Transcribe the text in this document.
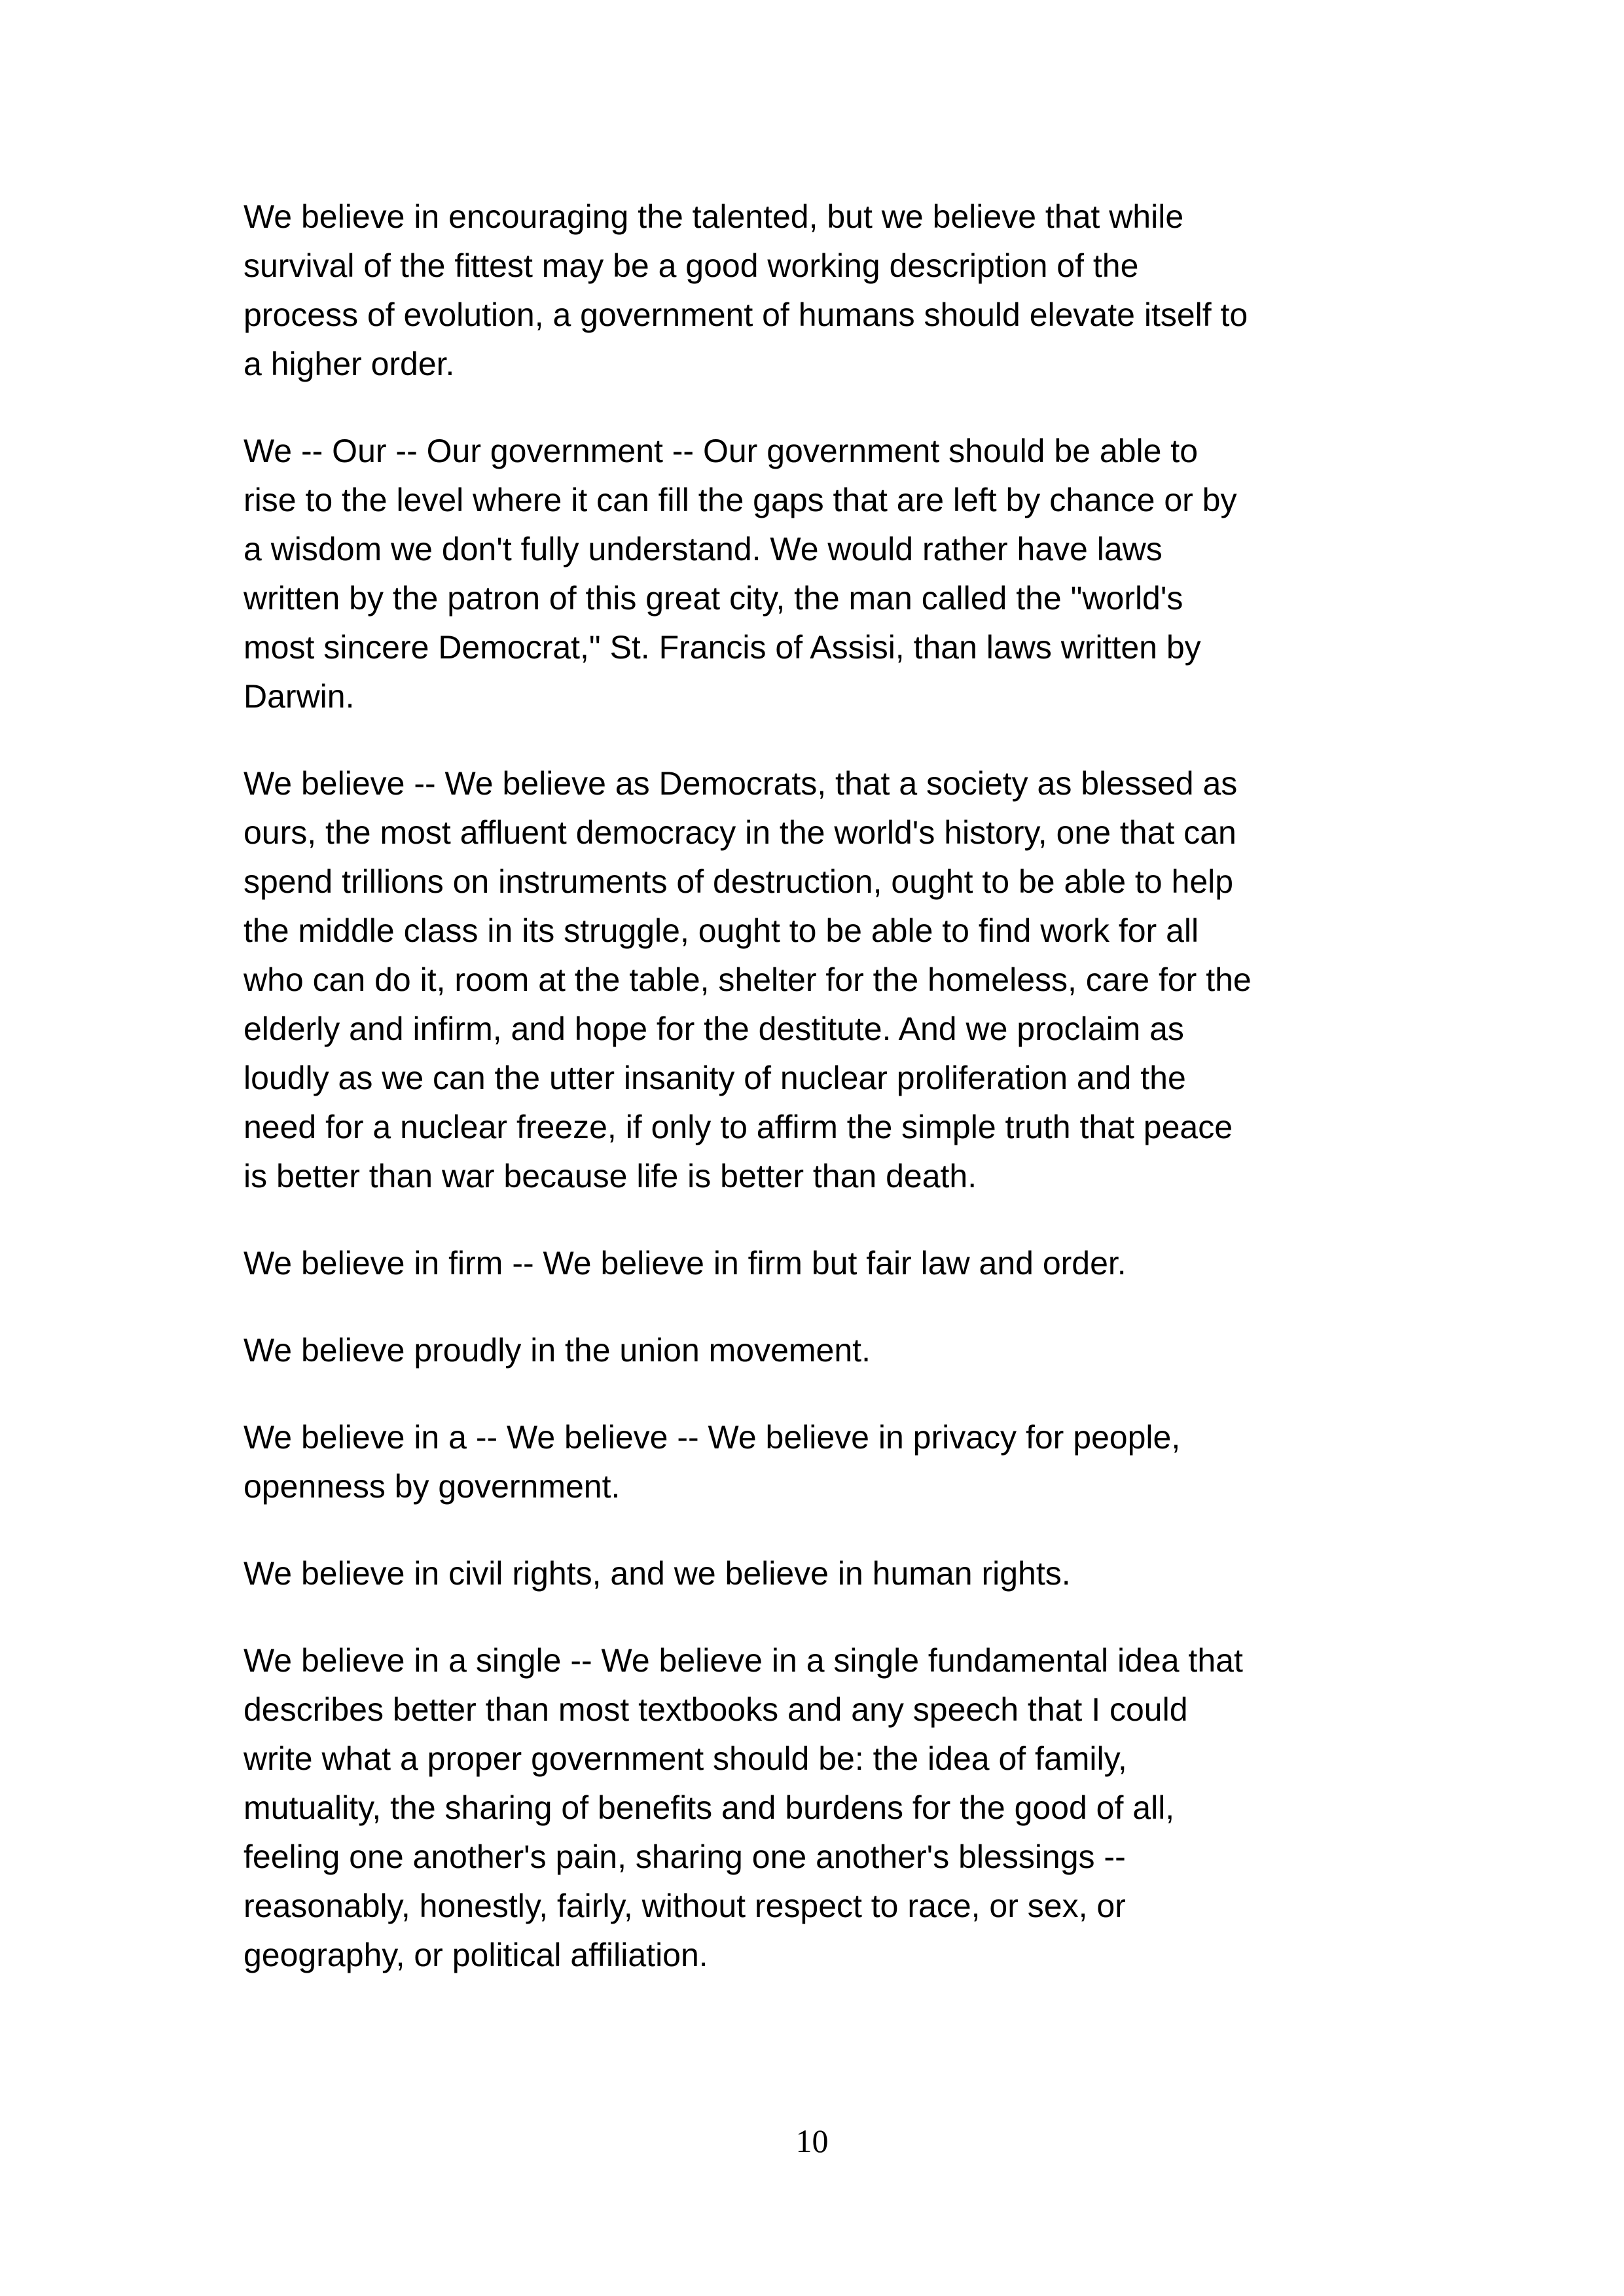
We believe in encouraging the talented, but we believe that while
survival of the fittest may be a good working description of the
process of evolution, a government of humans should elevate itself to
a higher order.
We -- Our -- Our government -- Our government should be able to
rise to the level where it can fill the gaps that are left by chance or by
a wisdom we don't fully understand. We would rather have laws
written by the patron of this great city, the man called the "world's
most sincere Democrat," St. Francis of Assisi, than laws written by
Darwin.
We believe -- We believe as Democrats, that a society as blessed as
ours, the most affluent democracy in the world's history, one that can
spend trillions on instruments of destruction, ought to be able to help
the middle class in its struggle, ought to be able to find work for all
who can do it, room at the table, shelter for the homeless, care for the
elderly and infirm, and hope for the destitute. And we proclaim as
loudly as we can the utter insanity of nuclear proliferation and the
need for a nuclear freeze, if only to affirm the simple truth that peace
is better than war because life is better than death.
We believe in firm -- We believe in firm but fair law and order.
We believe proudly in the union movement.
We believe in a -- We believe -- We believe in privacy for people,
openness by government.
We believe in civil rights, and we believe in human rights.
We believe in a single -- We believe in a single fundamental idea that
describes better than most textbooks and any speech that I could
write what a proper government should be: the idea of family,
mutuality, the sharing of benefits and burdens for the good of all,
feeling one another's pain, sharing one another's blessings --
reasonably, honestly, fairly, without respect to race, or sex, or
geography, or political affiliation.
10
